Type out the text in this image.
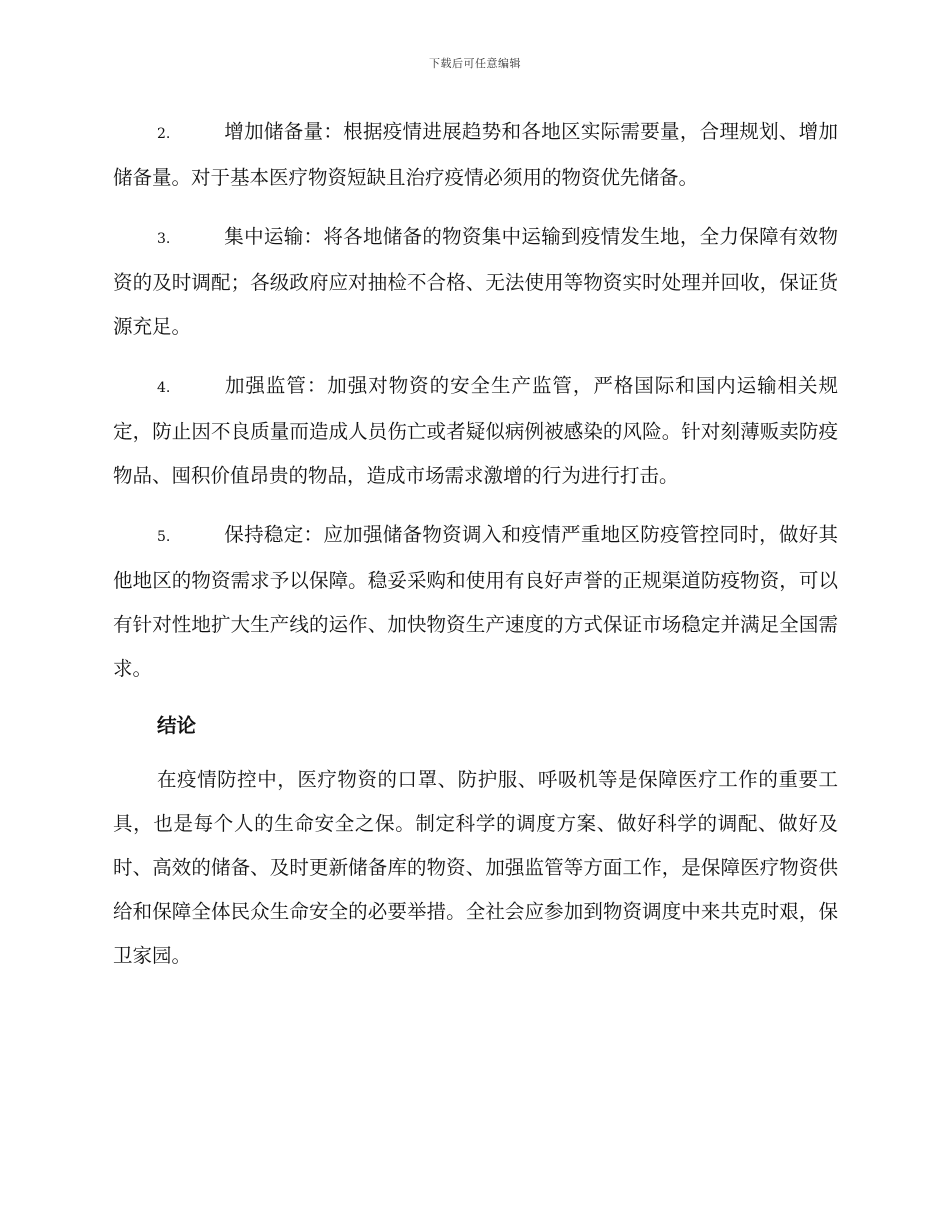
下载后可任意编辑

2.	增加储备量：根据疫情进展趋势和各地区实际需要量，合理规划、增加储备量。对于基本医疗物资短缺且治疗疫情必须用的物资优先储备。

3.	集中运输：将各地储备的物资集中运输到疫情发生地，全力保障有效物资的及时调配；各级政府应对抽检不合格、无法使用等物资实时处理并回收，保证货源充足。

4.	加强监管：加强对物资的安全生产监管，严格国际和国内运输相关规定，防止因不良质量而造成人员伤亡或者疑似病例被感染的风险。针对刻薄贩卖防疫物品、囤积价值昂贵的物品，造成市场需求激增的行为进行打击。

5.	保持稳定：应加强储备物资调入和疫情严重地区防疫管控同时，做好其他地区的物资需求予以保障。稳妥采购和使用有良好声誉的正规渠道防疫物资，可以有针对性地扩大生产线的运作、加快物资生产速度的方式保证市场稳定并满足全国需求。

结论

在疫情防控中，医疗物资的口罩、防护服、呼吸机等是保障医疗工作的重要工具，也是每个人的生命安全之保。制定科学的调度方案、做好科学的调配、做好及时、高效的储备、及时更新储备库的物资、加强监管等方面工作，是保障医疗物资供给和保障全体民众生命安全的必要举措。全社会应参加到物资调度中来共克时艰，保卫家园。
